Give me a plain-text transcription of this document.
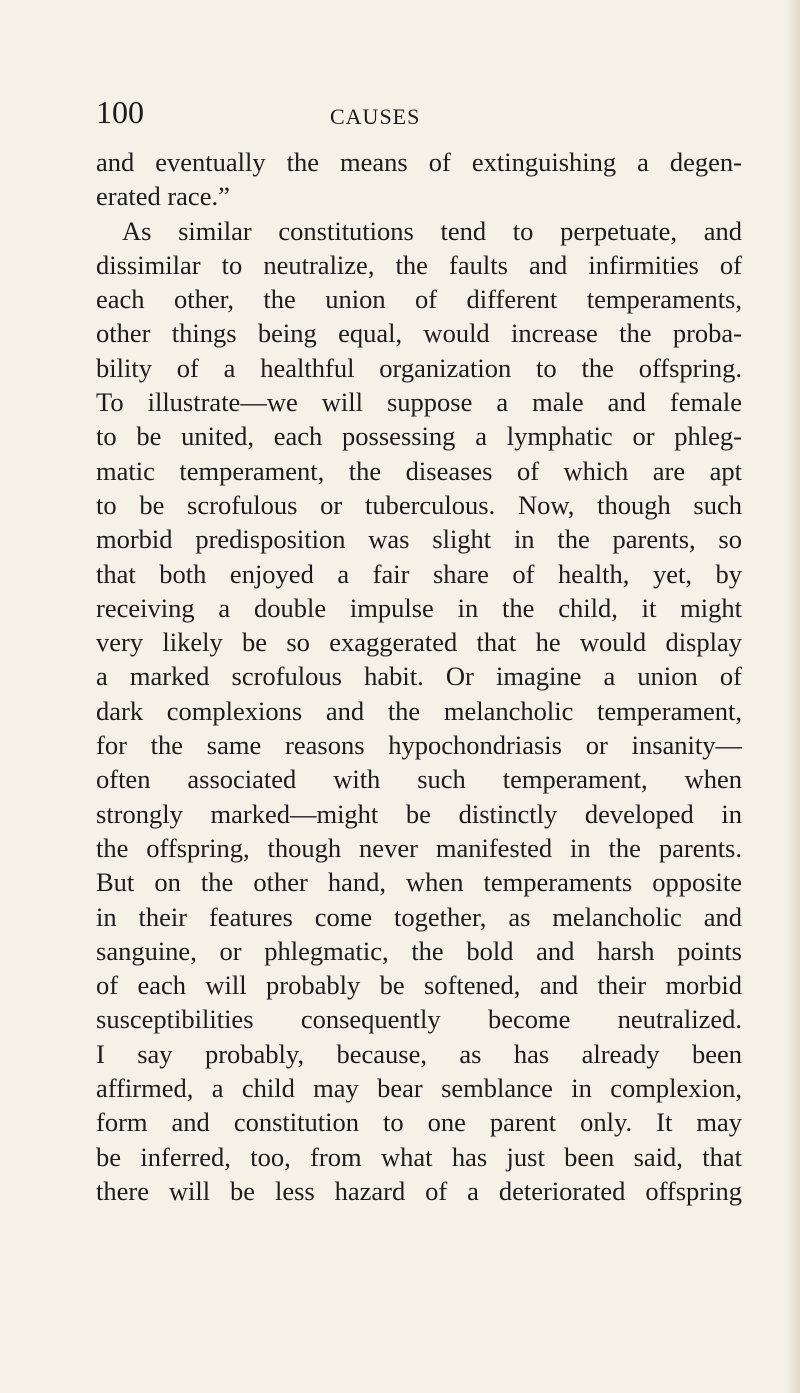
100	CAUSES
and eventually the means of extinguishing a degen-
erated race.”
As similar constitutions tend to perpetuate, and
dissimilar to neutralize, the faults and infirmities of
each other, the union of different temperaments,
other things being equal, would increase the proba-
bility of a healthful organization to the offspring.
To illustrate—we will suppose a male and female
to be united, each possessing a lymphatic or phleg-
matic temperament, the diseases of which are apt
to be scrofulous or tuberculous. Now, though such
morbid predisposition was slight in the parents, so
that both enjoyed a fair share of health, yet, by
receiving a double impulse in the child, it might
very likely be so exaggerated that he would display
a marked scrofulous habit. Or imagine a union of
dark complexions and the melancholic temperament,
for the same reasons hypochondriasis or insanity—
often associated with such temperament, when
strongly marked—might be distinctly developed in
the offspring, though never manifested in the parents.
But on the other hand, when temperaments opposite
in their features come together, as melancholic and
sanguine, or phlegmatic, the bold and harsh points
of each will probably be softened, and their morbid
susceptibilities consequently become neutralized.
I say probably, because, as has already been
affirmed, a child may bear semblance in complexion,
form and constitution to one parent only. It may
be inferred, too, from what has just been said, that
there will be less hazard of a deteriorated offspring
